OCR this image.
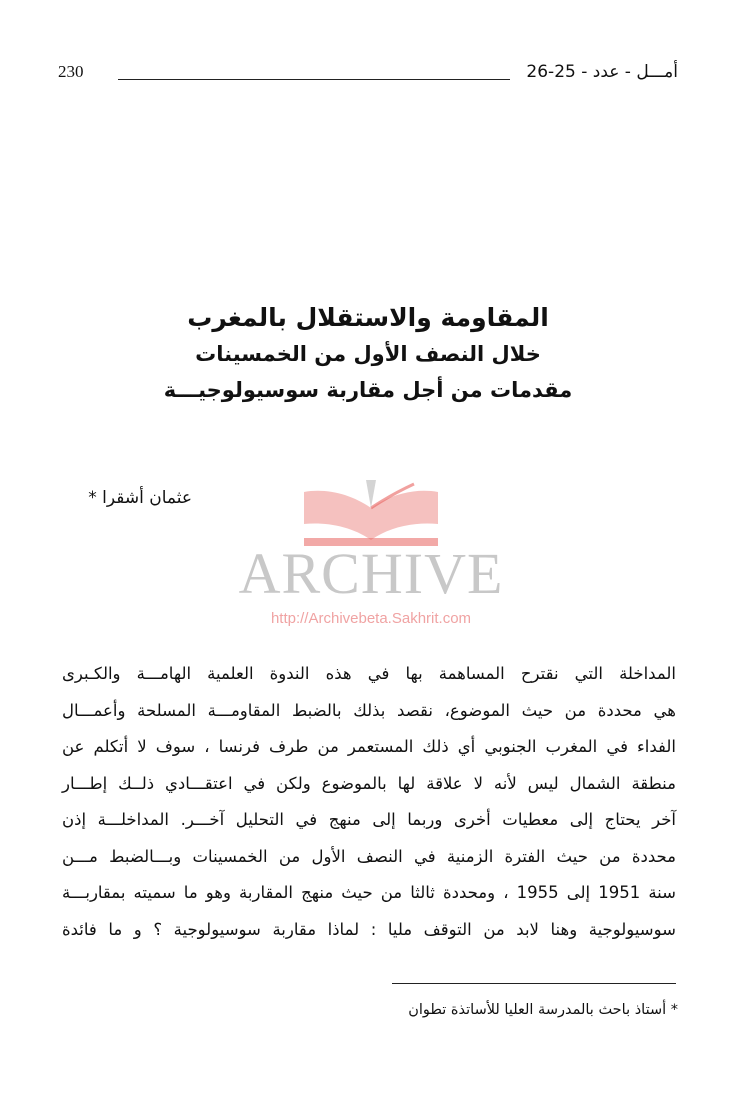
230	أمـــل - عدد - 25-26
المقاومة والاستقلال بالمغرب
خلال النصف الأول من الخمسينات
مقدمات من أجل مقاربة سوسيولوجيـــة
عثمان أشقرا *
ARCHIVE
http://Archivebeta.Sakhrit.com
المداخلة التي نقترح المساهمة بها في هذه الندوة العلمية الهامـــة والكـبرى
هي محددة من حيث الموضوع، نقصد بذلك بالضبط المقاومـــة المسلحة وأعمـــال
الفداء في المغرب الجنوبي أي ذلك المستعمر من طرف فرنسا ، سوف لا أتكلم عن
منطقة الشمال ليس لأنه لا علاقة لها بالموضوع ولكن في اعتقـــادي ذلــك إطـــار
آخر يحتاج إلى معطيات أخرى وربما إلى منهج في التحليل آخـــر. المداخلـــة إذن
محددة من حيث الفترة الزمنية في النصف الأول من الخمسينات وبـــالضبط مـــن
سنة 1951 إلى 1955 ، ومحددة ثالثا من حيث منهج المقاربة وهو ما سميته بمقاربـــة
سوسيولوجية وهنا لابد من التوقف مليا : لماذا مقاربة سوسيولوجية ؟ و ما فائدة
* أستاذ باحث بالمدرسة العليا للأساتذة تطوان
